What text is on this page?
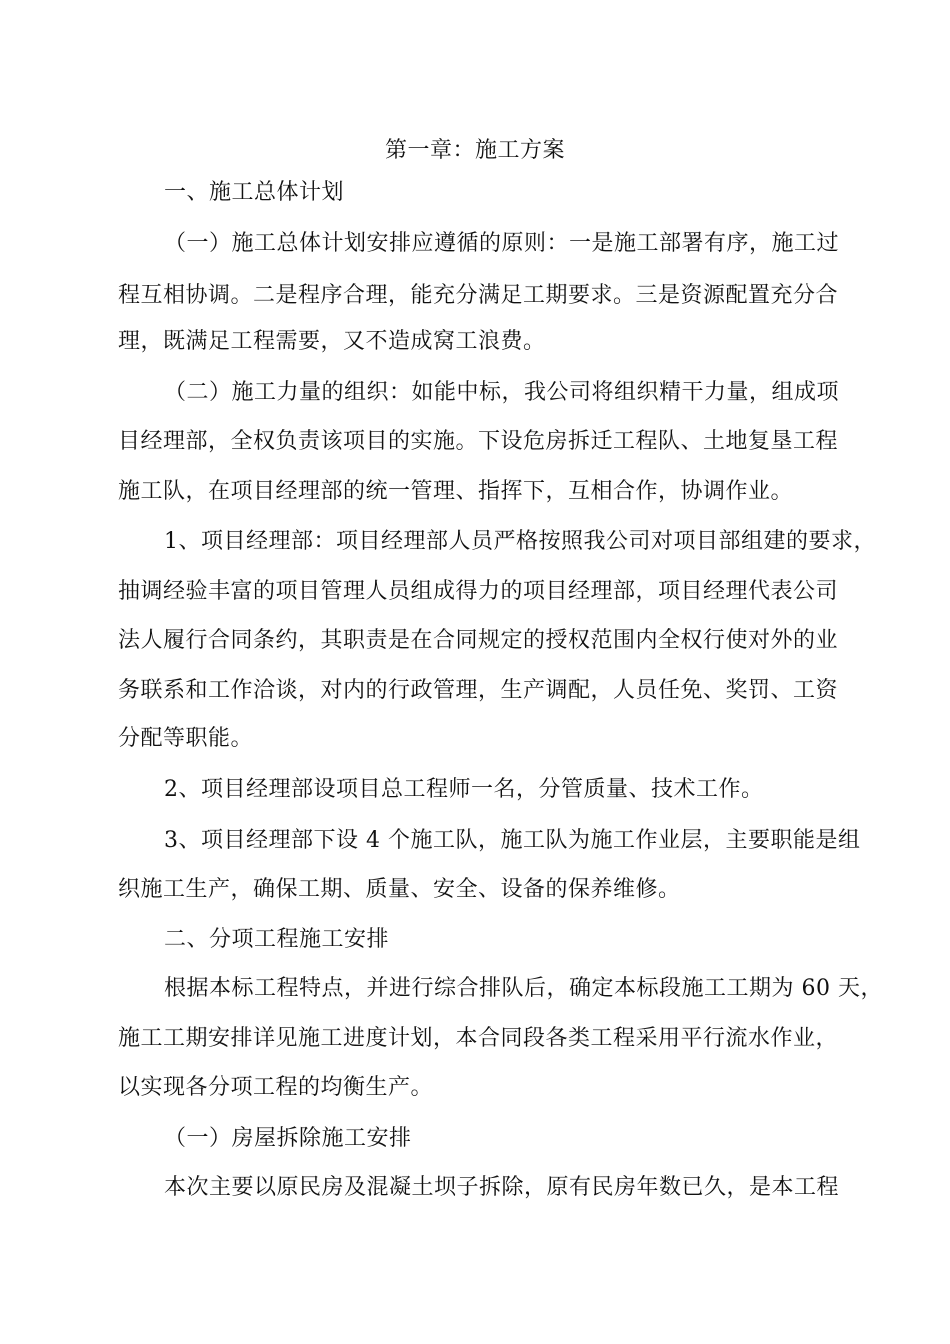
第一章：施工方案
一、施工总体计划
（一）施工总体计划安排应遵循的原则：一是施工部署有序，施工过
程互相协调。二是程序合理，能充分满足工期要求。三是资源配置充分合
理，既满足工程需要，又不造成窝工浪费。
（二）施工力量的组织：如能中标，我公司将组织精干力量，组成项
目经理部，全权负责该项目的实施。下设危房拆迁工程队、土地复垦工程
施工队，在项目经理部的统一管理、指挥下，互相合作，协调作业。
1、项目经理部：项目经理部人员严格按照我公司对项目部组建的要求，
抽调经验丰富的项目管理人员组成得力的项目经理部，项目经理代表公司
法人履行合同条约，其职责是在合同规定的授权范围内全权行使对外的业
务联系和工作洽谈，对内的行政管理，生产调配，人员任免、奖罚、工资
分配等职能。
2、项目经理部设项目总工程师一名，分管质量、技术工作。
3、项目经理部下设 4 个施工队，施工队为施工作业层，主要职能是组
织施工生产，确保工期、质量、安全、设备的保养维修。
二、分项工程施工安排
根据本标工程特点，并进行综合排队后，确定本标段施工工期为 60 天，
施工工期安排详见施工进度计划，本合同段各类工程采用平行流水作业，
以实现各分项工程的均衡生产。
（一）房屋拆除施工安排
本次主要以原民房及混凝土坝子拆除，原有民房年数已久，是本工程
